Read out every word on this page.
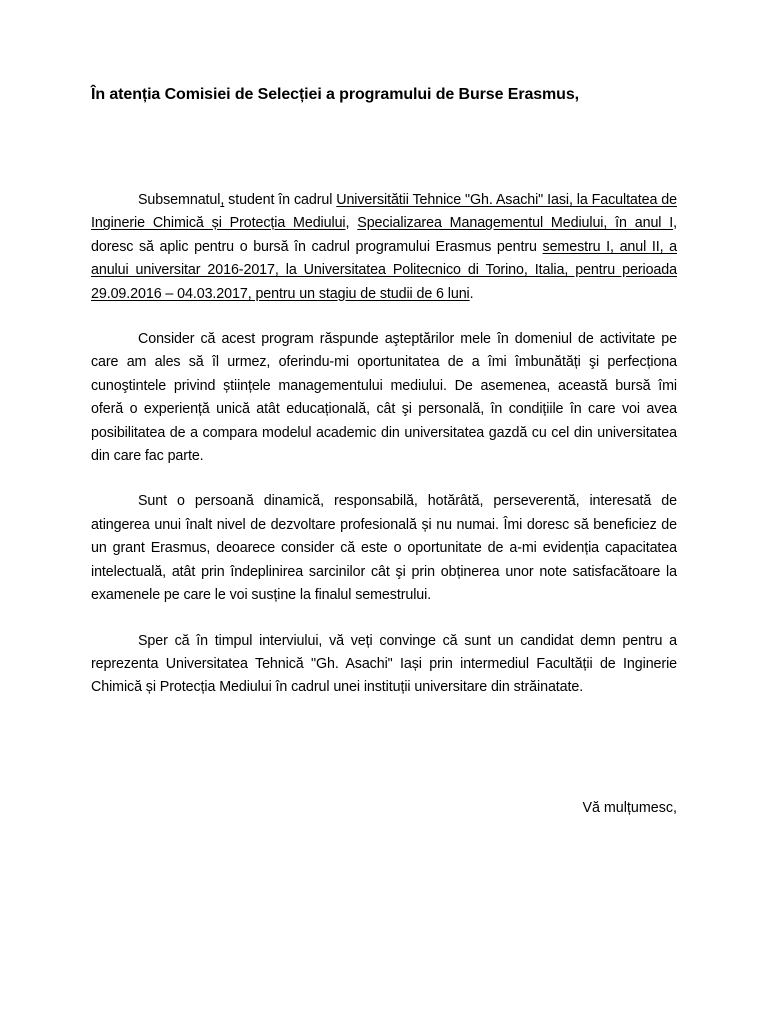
În atenția Comisiei de Selecției a programului de Burse Erasmus,

Subsemnatul, student în cadrul Universitătii Tehnice "Gh. Asachi" Iasi, la Facultatea de Inginerie Chimică și Protecția Mediului, Specializarea Managementul Mediului, în anul I, doresc să aplic pentru o bursă în cadrul programului Erasmus pentru semestru I, anul II, a anului universitar 2016-2017, la Universitatea Politecnico di Torino, Italia, pentru perioada 29.09.2016 – 04.03.2017, pentru un stagiu de studii de 6 luni.

Consider că acest program răspunde aşteptărilor mele în domeniul de activitate pe care am ales să îl urmez, oferindu-mi oportunitatea de a îmi îmbunătăți şi perfecționa cunoştintele privind științele managementului mediului. De asemenea, această bursă îmi oferă o experiență unică atât educațională, cât şi personală, în condițiile în care voi avea posibilitatea de a compara modelul academic din universitatea gazdă cu cel din universitatea din care fac parte.

Sunt o persoană dinamică, responsabilă, hotărâtă, perseverentă, interesată de atingerea unui înalt nivel de dezvoltare profesională și nu numai. Îmi doresc să beneficiez de un grant Erasmus, deoarece consider că este o oportunitate de a-mi evidenția capacitatea intelectuală, atât prin îndeplinirea sarcinilor cât şi prin obținerea unor note satisfacătoare la examenele pe care le voi susține la finalul semestrului.

Sper că în timpul interviului, vă veți convinge că sunt un candidat demn pentru a reprezenta Universitatea Tehnică "Gh. Asachi" Iași prin intermediul Facultății de Inginerie Chimică și Protecția Mediului în cadrul unei instituții universitare din străinatate.

Vă mulțumesc,
